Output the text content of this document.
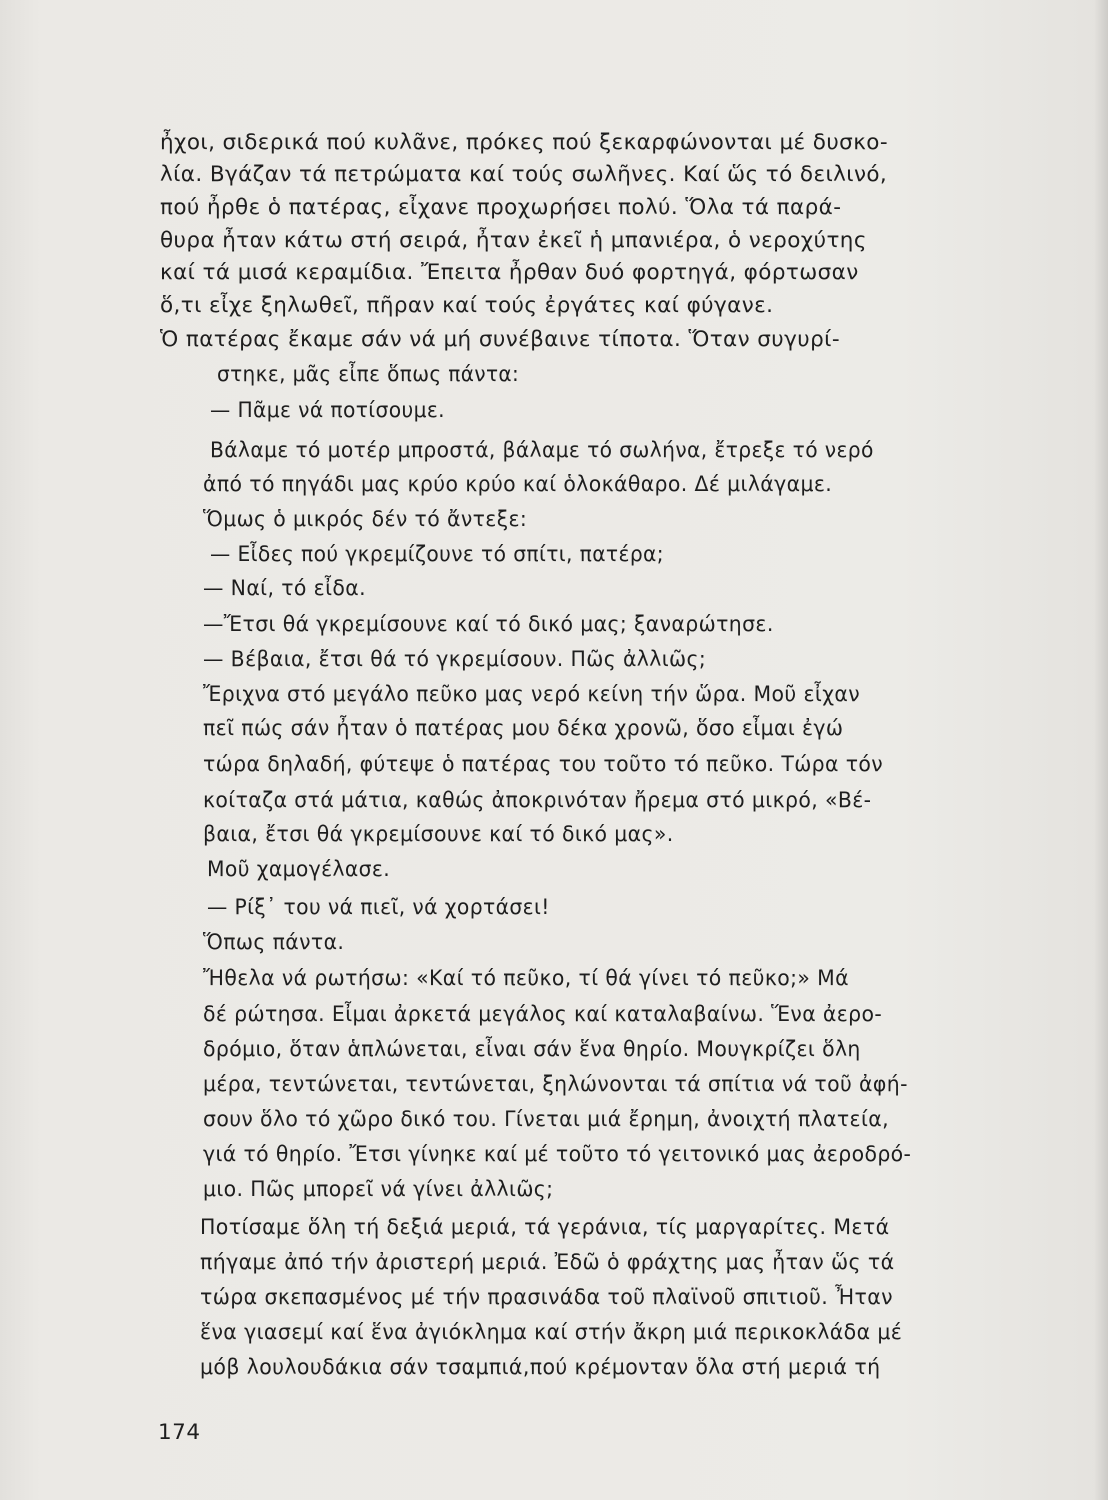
ἦχοι, σιδερικά πού κυλᾶνε, πρόκες πού ξεκαρφώνονται μέ δυσκο-
λία. Βγάζαν τά πετρώματα καί τούς σωλῆνες. Καί ὥς τό δειλινό,
πού ἦρθε ὁ πατέρας, εἶχανε προχωρήσει πολύ. Ὅλα τά παρά-
θυρα ἦταν κάτω στή σειρά, ἦταν ἐκεῖ ἡ μπανιέρα, ὁ νεροχύτης
καί τά μισά κεραμίδια. Ἔπειτα ἦρθαν δυό φορτηγά, φόρτωσαν
ὅ,τι εἶχε ξηλωθεῖ, πῆραν καί τούς ἐργάτες καί φύγανε.
Ὁ πατέρας ἔκαμε σάν νά μή συνέβαινε τίποτα. Ὅταν συγυρί-
στηκε, μᾶς εἶπε ὅπως πάντα:
— Πᾶμε νά ποτίσουμε.
Βάλαμε τό μοτέρ μπροστά, βάλαμε τό σωλήνα, ἔτρεξε τό νερό
ἀπό τό πηγάδι μας κρύο κρύο καί ὁλοκάθαρο. Δέ μιλάγαμε.
Ὅμως ὁ μικρός δέν τό ἄντεξε:
— Εἶδες πού γκρεμίζουνε τό σπίτι, πατέρα;
— Ναί, τό εἶδα.
—Ἔτσι θά γκρεμίσουνε καί τό δικό μας; ξαναρώτησε.
— Βέβαια, ἔτσι θά τό γκρεμίσουν. Πῶς ἀλλιῶς;
Ἔριχνα στό μεγάλο πεῦκο μας νερό κείνη τήν ὥρα. Μοῦ εἶχαν
πεῖ πώς σάν ἦταν ὁ πατέρας μου δέκα χρονῶ, ὅσο εἶμαι ἐγώ
τώρα δηλαδή, φύτεψε ὁ πατέρας του τοῦτο τό πεῦκο. Τώρα τόν
κοίταζα στά μάτια, καθώς ἀποκρινόταν ἤρεμα στό μικρό, «Βέ-
βαια, ἔτσι θά γκρεμίσουνε καί τό δικό μας».
Μοῦ χαμογέλασε.
— Ρίξ᾽ του νά πιεῖ, νά χορτάσει!
Ὅπως πάντα.
Ἤθελα νά ρωτήσω: «Καί τό πεῦκο, τί θά γίνει τό πεῦκο;» Μά
δέ ρώτησα. Εἶμαι ἀρκετά μεγάλος καί καταλαβαίνω. Ἕνα ἀερο-
δρόμιο, ὅταν ἁπλώνεται, εἶναι σάν ἕνα θηρίο. Μουγκρίζει ὅλη
μέρα, τεντώνεται, τεντώνεται, ξηλώνονται τά σπίτια νά τοῦ ἀφή-
σουν ὅλο τό χῶρο δικό του. Γίνεται μιά ἔρημη, ἀνοιχτή πλατεία,
γιά τό θηρίο. Ἔτσι γίνηκε καί μέ τοῦτο τό γειτονικό μας ἀεροδρό-
μιο. Πῶς μπορεῖ νά γίνει ἀλλιῶς;
Ποτίσαμε ὅλη τή δεξιά μεριά, τά γεράνια, τίς μαργαρίτες. Μετά
πήγαμε ἀπό τήν ἀριστερή μεριά. Ἐδῶ ὁ φράχτης μας ἦταν ὥς τά
τώρα σκεπασμένος μέ τήν πρασινάδα τοῦ πλαϊνοῦ σπιτιοῦ. Ἦταν
ἕνα γιασεμί καί ἕνα ἀγιόκλημα καί στήν ἄκρη μιά περικοκλάδα μέ
μόβ λουλουδάκια σάν τσαμπιά,πού κρέμονταν ὅλα στή μεριά τή
174
